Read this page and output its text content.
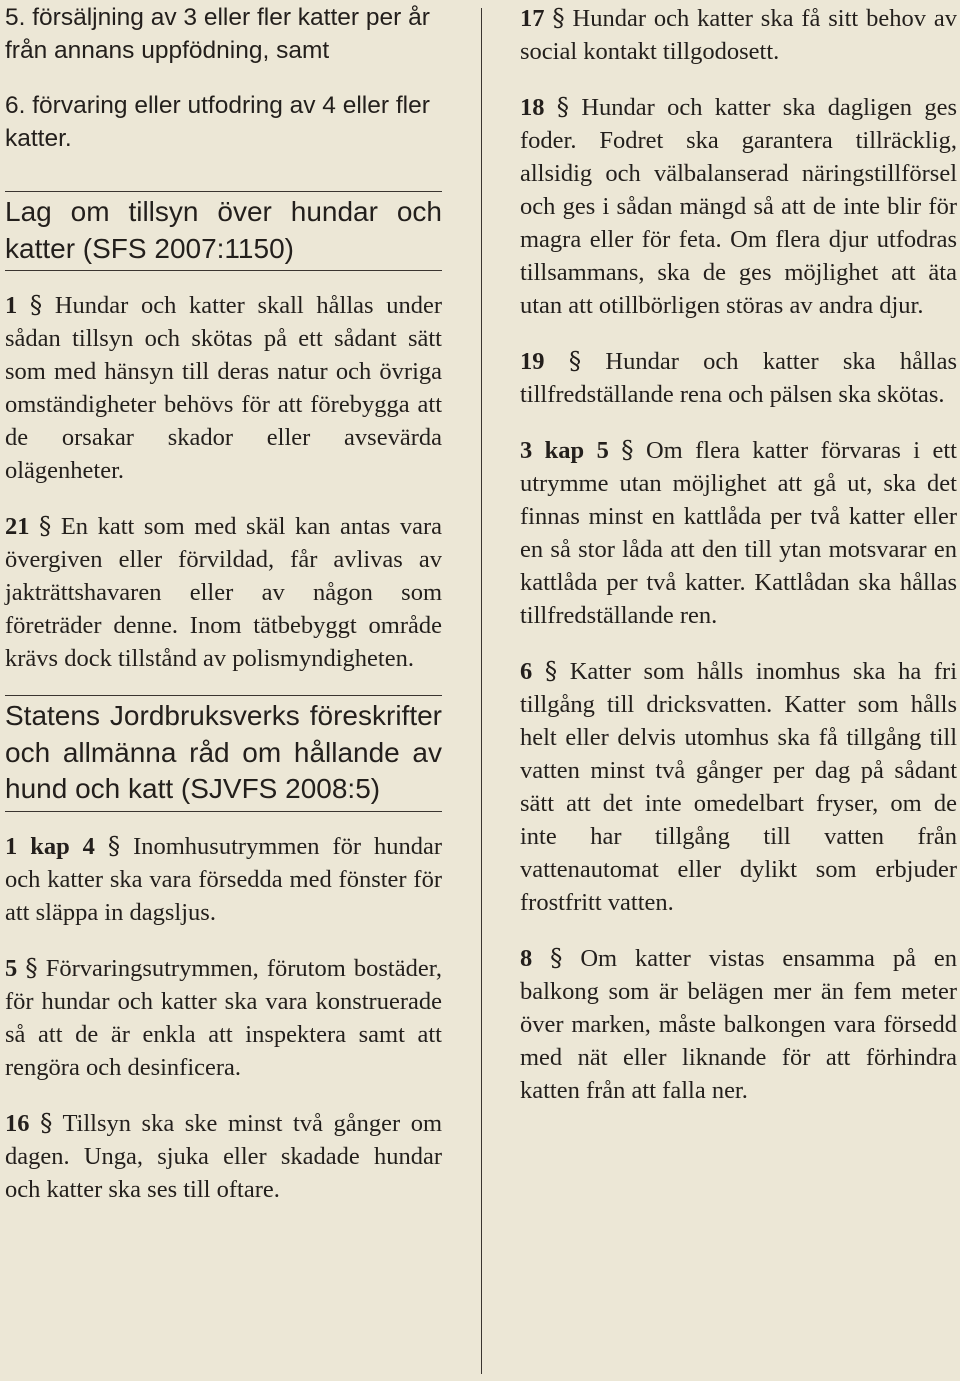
5. försäljning av 3 eller fler katter per år från annans uppfödning, samt

6. förvaring eller utfodring av 4 eller fler katter.

Lag om tillsyn över hundar och katter (SFS 2007:1150)

1 § Hundar och katter skall hållas under sådan tillsyn och skötas på ett sådant sätt som med hänsyn till deras natur och övriga omständigheter behövs för att förebygga att de orsakar skador eller avsevärda olägenheter.

21 § En katt som med skäl kan antas vara övergiven eller förvildad, får avlivas av jakträttshavaren eller av någon som företräder denne. Inom tätbebyggt område krävs dock tillstånd av polismyndigheten.

Statens Jordbruksverks föreskrifter och allmänna råd om hållande av hund och katt (SJVFS 2008:5)

1 kap 4 § Inomhusutrymmen för hundar och katter ska vara försedda med fönster för att släppa in dagsljus.

5 § Förvaringsutrymmen, förutom bostäder, för hundar och katter ska vara konstruerade så att de är enkla att inspektera samt att rengöra och desinficera.

16 § Tillsyn ska ske minst två gånger om dagen. Unga, sjuka eller skadade hundar och katter ska ses till oftare.

17 § Hundar och katter ska få sitt behov av social kontakt tillgodosett.

18 § Hundar och katter ska dagligen ges foder. Fodret ska garantera tillräcklig, allsidig och välbalanserad näringstillförsel och ges i sådan mängd så att de inte blir för magra eller för feta. Om flera djur utfodras tillsammans, ska de ges möjlighet att äta utan att otillbörligen störas av andra djur.

19 § Hundar och katter ska hållas tillfredställande rena och pälsen ska skötas.

3 kap 5 § Om flera katter förvaras i ett utrymme utan möjlighet att gå ut, ska det finnas minst en kattlåda per två katter eller en så stor låda att den till ytan motsvarar en kattlåda per två katter. Kattlådan ska hållas tillfredställande ren.

6 § Katter som hålls inomhus ska ha fri tillgång till dricksvatten. Katter som hålls helt eller delvis utomhus ska få tillgång till vatten minst två gånger per dag på sådant sätt att det inte omedelbart fryser, om de inte har tillgång till vatten från vattenautomat eller dylikt som erbjuder frostfritt vatten.

8 § Om katter vistas ensamma på en balkong som är belägen mer än fem meter över marken, måste balkongen vara försedd med nät eller liknande för att förhindra katten från att falla ner.
